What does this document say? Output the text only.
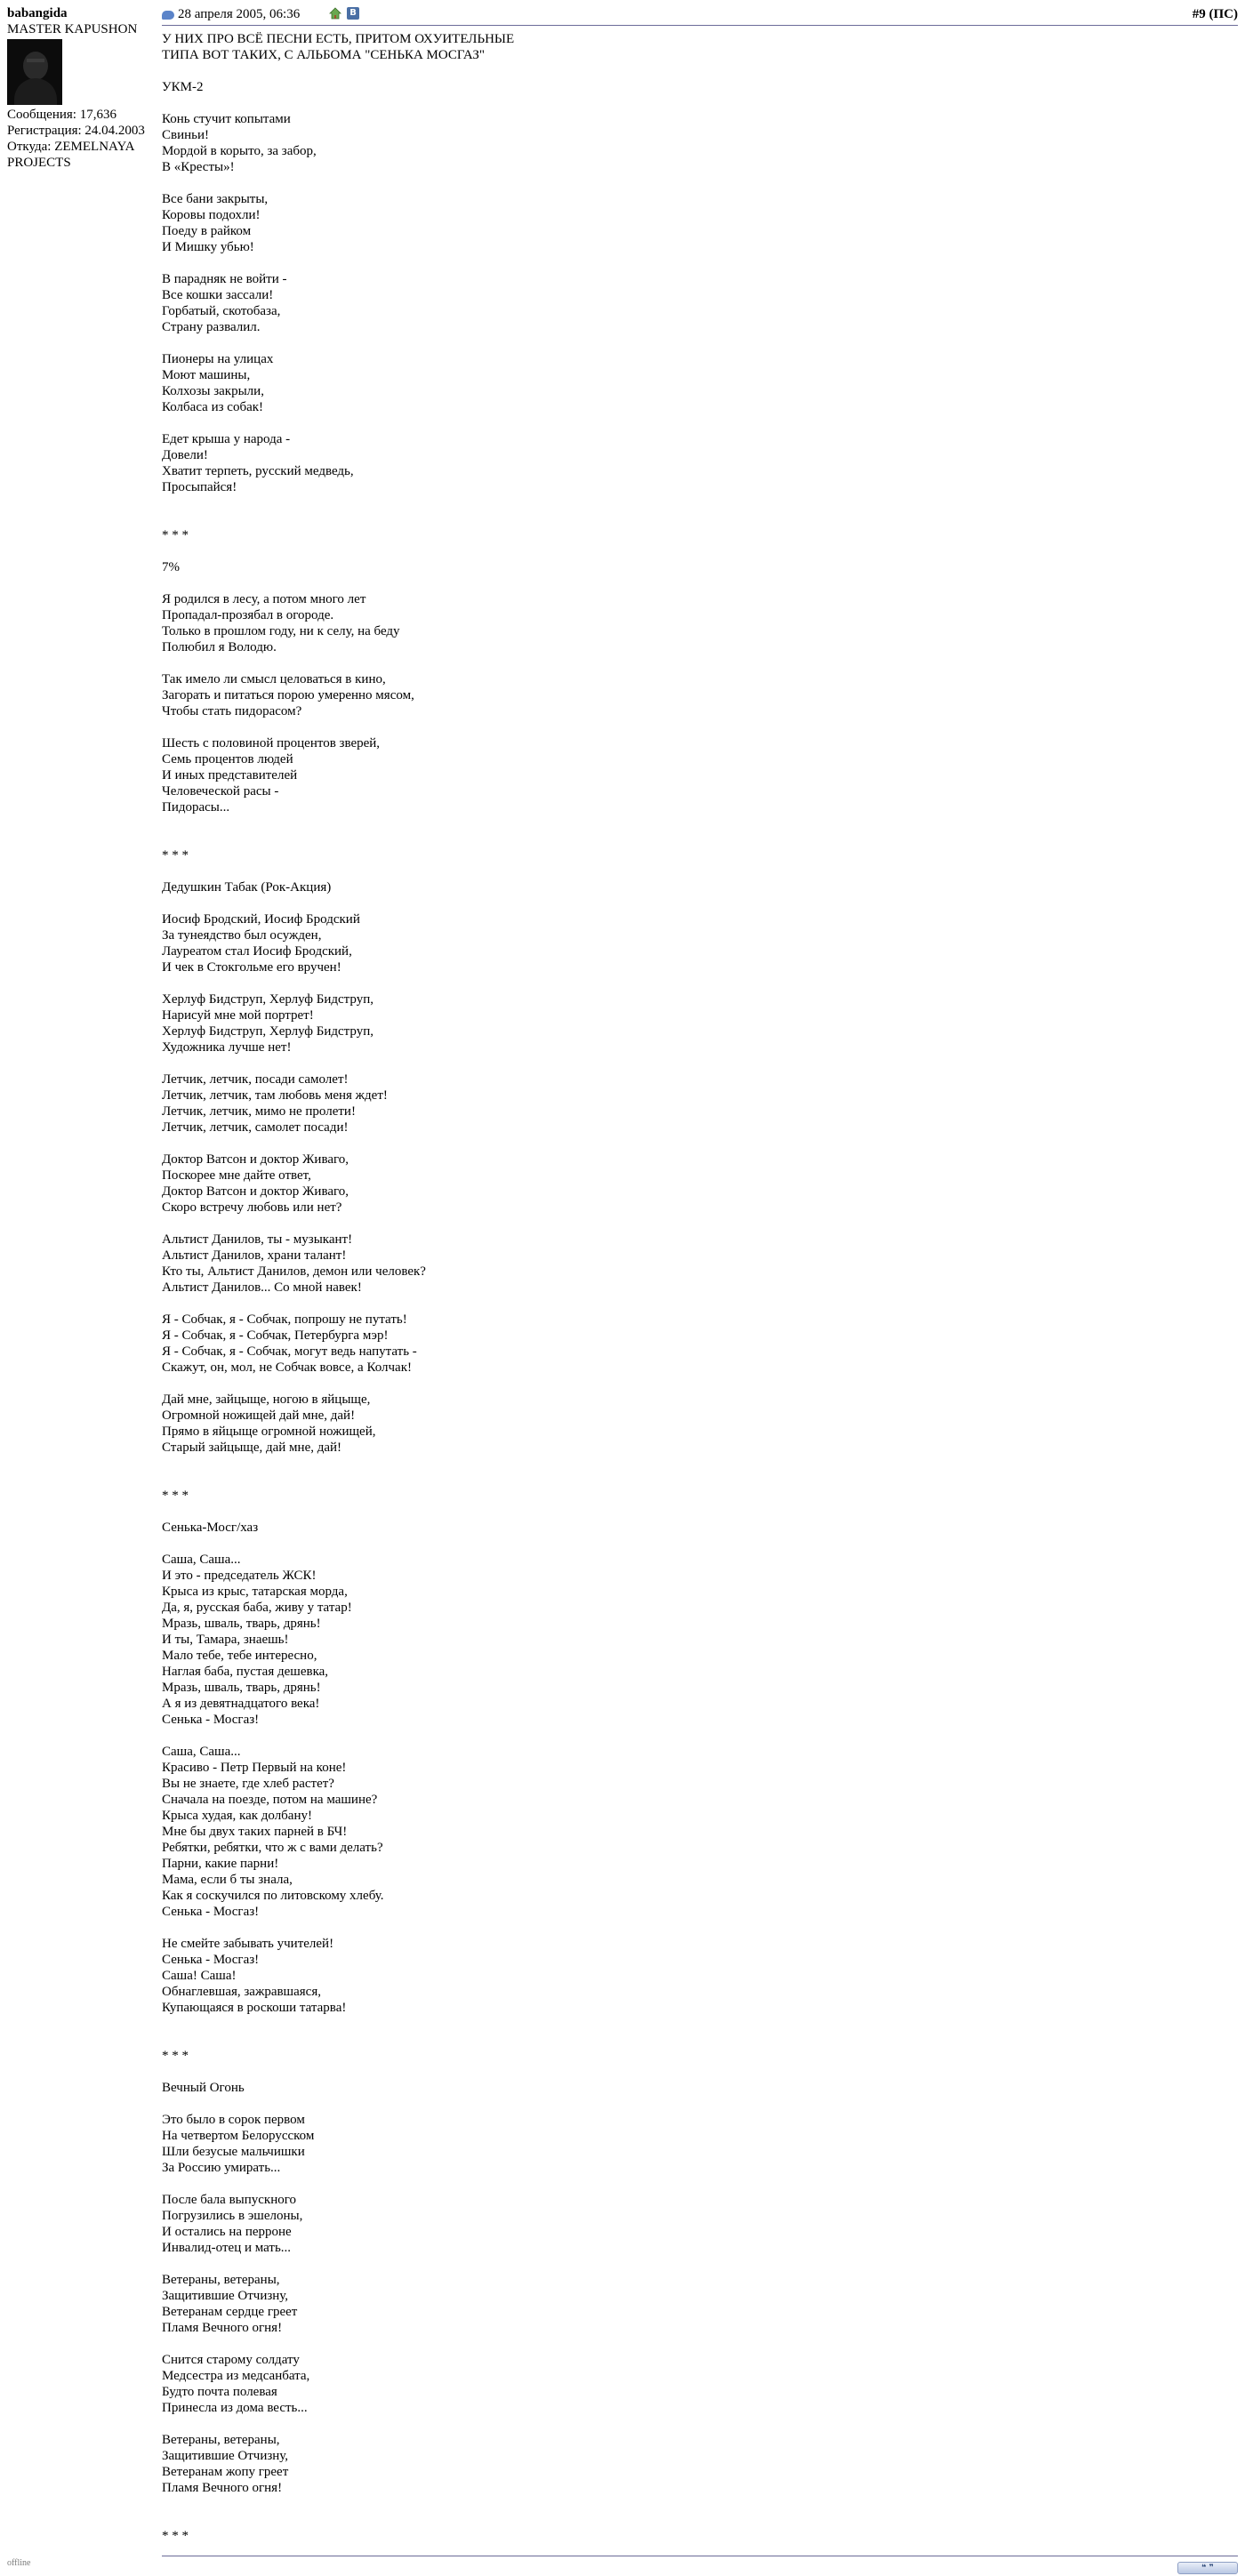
babangida
MASTER KAPUSHON
Сообщения: 17,636
Регистрация: 24.04.2003
Откуда: ZEMELNAYA PROJECTS
28 апреля 2005, 06:36	В	#9 (ПС)
У НИХ ПРО ВСЁ ПЕСНИ ЕСТЬ, ПРИТОМ ОХУИТЕЛЬНЫЕ
ТИПА ВОТ ТАКИХ, С АЛЬБОМА "СЕНЬКА МОСГАЗ"

УКМ-2

Конь стучит копытами
Свиньи!
Мордой в корыто, за забор,
В «Кресты»!

Все бани закрыты,
Коровы подохли!
Поеду в райком
И Мишку убью!

В парадняк не войти -
Все кошки зассали!
Горбатый, скотобаза,
Страну развалил.

Пионеры на улицах
Моют машины,
Колхозы закрыли,
Колбаса из собак!

Едет крыша у народа -
Довели!
Хватит терпеть, русский медведь,
Просыпайся!

* * *

7%

Я родился в лесу, а потом много лет
Пропадал-прозябал в огороде.
Только в прошлом году, ни к селу, на беду
Полюбил я Володю.

Так имело ли смысл целоваться в кино,
Загорать и питаться порою умеренно мясом,
Чтобы стать пидорасом?

Шесть с половиной процентов зверей,
Семь процентов людей
И иных представителей
Человеческой расы -
Пидорасы...

* * *

Дедушкин Табак (Рок-Акция)

Иосиф Бродский, Иосиф Бродский
За тунеядство был осужден,
Лауреатом стал Иосиф Бродский,
И чек в Стокгольме его вручен!

Херлуф Бидструп, Херлуф Бидструп,
Нарисуй мне мой портрет!
Херлуф Бидструп, Херлуф Бидструп,
Художника лучше нет!

Летчик, летчик, посади самолет!
Летчик, летчик, там любовь меня ждет!
Летчик, летчик, мимо не пролети!
Летчик, летчик, самолет посади!

Доктор Ватсон и доктор Живаго,
Поскорее мне дайте ответ,
Доктор Ватсон и доктор Живаго,
Скоро встречу любовь или нет?

Альтист Данилов, ты - музыкант!
Альтист Данилов, храни талант!
Кто ты, Альтист Данилов, демон или человек?
Альтист Данилов... Со мной навек!

Я - Собчак, я - Собчак, попрошу не путать!
Я - Собчак, я - Собчак, Петербурга мэр!
Я - Собчак, я - Собчак, могут ведь напутать -
Скажут, он, мол, не Собчак вовсе, а Колчак!

Дай мне, зайцыще, ногою в яйцыще,
Огромной ножищей дай мне, дай!
Прямо в яйцыще огромной ножищей,
Старый зайцыще, дай мне, дай!

* * *

Сенька-Мосг/хаз

Саша, Саша...
И это - председатель ЖСК!
Крыса из крыс, татарская морда,
Да, я, русская баба, живу у татар!
Мразь, шваль, тварь, дрянь!
И ты, Тамара, знаешь!
Мало тебе, тебе интересно,
Наглая баба, пустая дешевка,
Мразь, шваль, тварь, дрянь!
А я из девятнадцатого века!
Сенька - Мосгаз!

Саша, Саша...
Красиво - Петр Первый на коне!
Вы не знаете, где хлеб растет?
Сначала на поезде, потом на машине?
Крыса худая, как долбану!
Мне бы двух таких парней в БЧ!
Ребятки, ребятки, что ж с вами делать?
Парни, какие парни!
Мама, если б ты знала,
Как я соскучился по литовскому хлебу.
Сенька - Мосгаз!

Не смейте забывать учителей!
Сенька - Мосгаз!
Саша! Саша!
Обнаглевшая, зажравшаяся,
Купающаяся в роскоши татарва!

* * *

Вечный Огонь

Это было в сорок первом
На четвертом Белорусском
Шли безусые мальчишки
За Россию умирать...

После бала выпускного
Погрузились в эшелоны,
И остались на перроне
Инвалид-отец и мать...

Ветераны, ветераны,
Защитившие Отчизну,
Ветеранам сердце греет
Пламя Вечного огня!

Снится старому солдату
Медсестра из медсанбата,
Будто почта полевая
Принесла из дома весть...

Ветераны, ветераны,
Защитившие Отчизну,
Ветеранам жопу греет
Пламя Вечного огня!

* * *
offline	❝ ❞
